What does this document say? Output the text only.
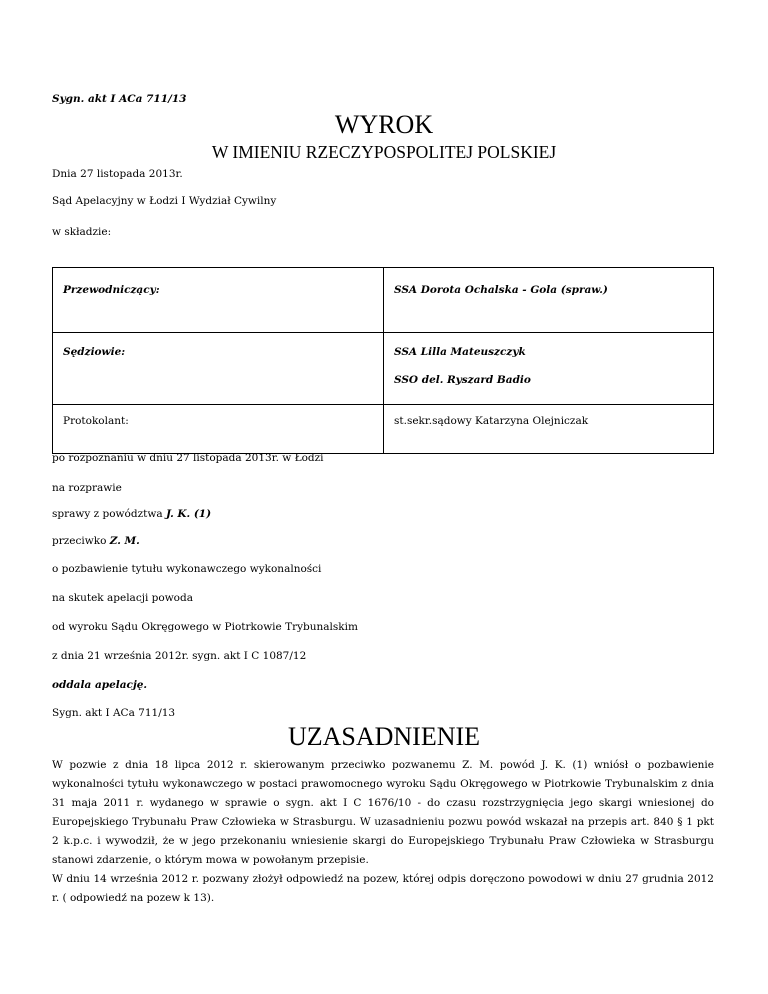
Sygn. akt I ACa 711/13
WYROK
W IMIENIU RZECZYPOSPOLITEJ POLSKIEJ
Dnia 27 listopada 2013r.
Sąd Apelacyjny w Łodzi I Wydział Cywilny
w składzie:
Przewodniczący:	SSA Dorota Ochalska - Gola (spraw.)

Sędziowie:	SSA Lilla Mateuszczyk
SSO del. Ryszard Badio

Protokolant:	st.sekr.sądowy Katarzyna Olejniczak
po rozpoznaniu w dniu 27 listopada 2013r. w Łodzi
na rozprawie
sprawy z powództwa J. K. (1)
przeciwko Z. M.
o pozbawienie tytułu wykonawczego wykonalności
na skutek apelacji powoda
od wyroku Sądu Okręgowego w Piotrkowie Trybunalskim
z dnia 21 września 2012r. sygn. akt I C 1087/12
oddala apelację.
Sygn. akt I ACa 711/13
UZASADNIENIE
W pozwie z dnia 18 lipca 2012 r. skierowanym przeciwko pozwanemu Z. M. powód J. K. (1) wniósł o pozbawienie wykonalności tytułu wykonawczego w postaci prawomocnego wyroku Sądu Okręgowego w Piotrkowie Trybunalskim z dnia 31 maja 2011 r. wydanego w sprawie o sygn. akt I C 1676/10 - do czasu rozstrzygnięcia jego skargi wniesionej do Europejskiego Trybunału Praw Człowieka w Strasburgu. W uzasadnieniu pozwu powód wskazał na przepis art. 840 § 1 pkt 2 k.p.c. i wywodził, że w jego przekonaniu wniesienie skargi do Europejskiego Trybunału Praw Człowieka w Strasburgu stanowi zdarzenie, o którym mowa w powołanym przepisie.
W dniu 14 września 2012 r. pozwany złożył odpowiedź na pozew, której odpis doręczono powodowi w dniu 27 grudnia 2012 r. ( odpowiedź na pozew k 13).
